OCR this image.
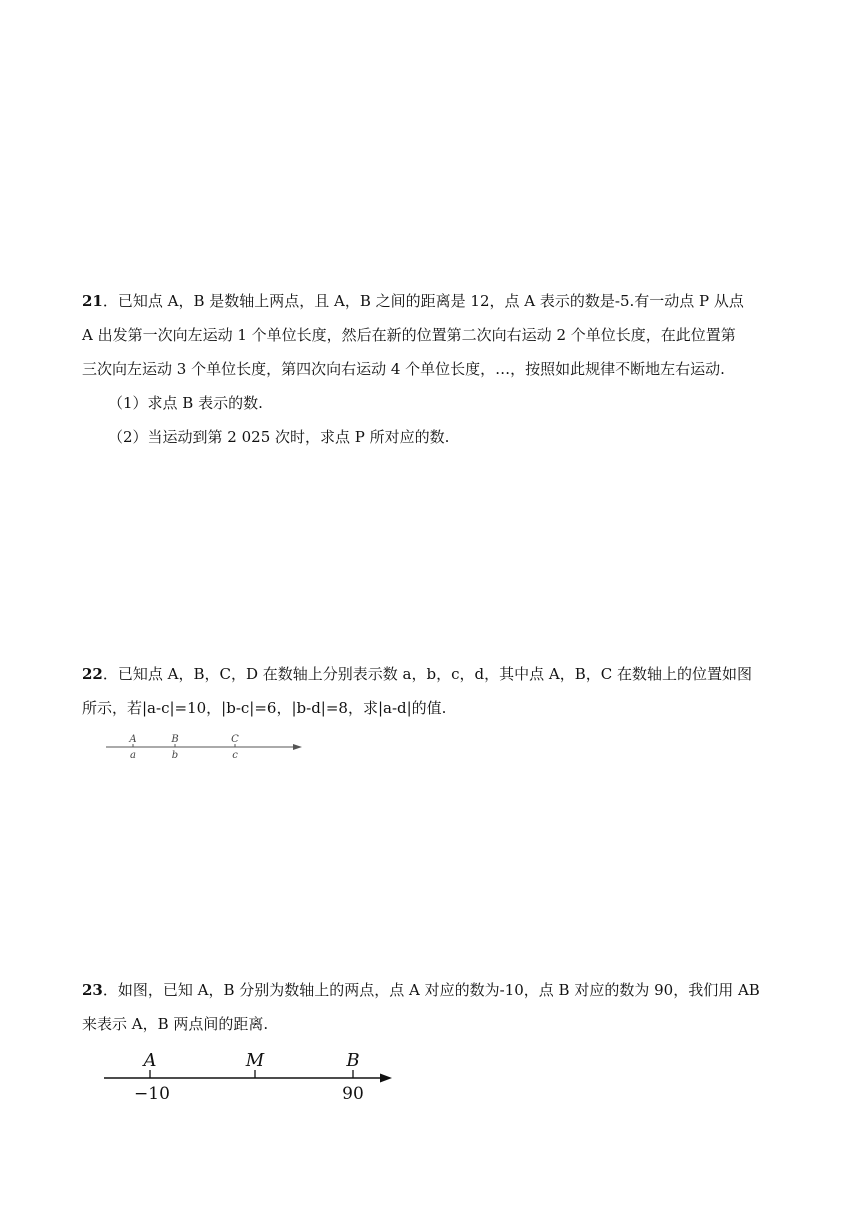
21．已知点 A，B 是数轴上两点，且 A，B 之间的距离是 12，点 A 表示的数是-5.有一动点 P 从点

A 出发第一次向左运动 1 个单位长度，然后在新的位置第二次向右运动 2 个单位长度，在此位置第

三次向左运动 3 个单位长度，第四次向右运动 4 个单位长度，…，按照如此规律不断地左右运动.

（1）求点 B 表示的数.

（2）当运动到第 2 025 次时，求点 P 所对应的数.

22．已知点 A，B，C，D 在数轴上分别表示数 a，b，c，d，其中点 A，B，C 在数轴上的位置如图

所示，若|a-c|=10，|b-c|=6，|b-d|=8，求|a-d|的值.

A	B	C
a	b	c

23．如图，已知 A，B 分别为数轴上的两点，点 A 对应的数为-10，点 B 对应的数为 90，我们用 AB

来表示 A，B 两点间的距离.

A	M	B
−10	90
